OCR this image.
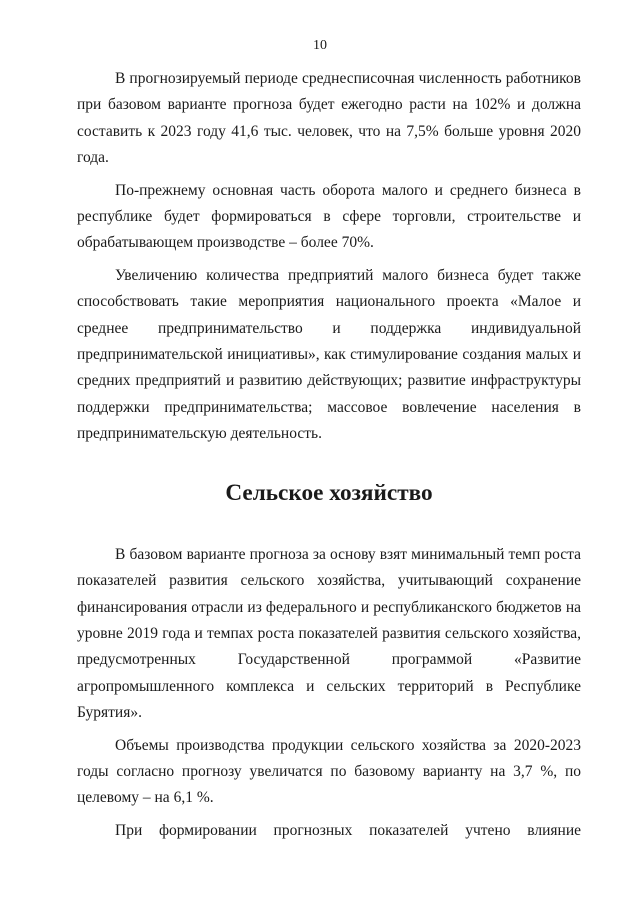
10

В прогнозируемый периоде среднесписочная численность работников при базовом варианте прогноза будет ежегодно расти на 102% и должна составить к 2023 году 41,6 тыс. человек, что на 7,5% больше уровня 2020 года.

По-прежнему основная часть оборота малого и среднего бизнеса в республике будет формироваться в сфере торговли, строительстве и обрабатывающем производстве – более 70%.

Увеличению количества предприятий малого бизнеса будет также способствовать такие мероприятия национального проекта «Малое и среднее предпринимательство и поддержка индивидуальной предпринимательской инициативы», как стимулирование создания малых и средних предприятий и развитию действующих; развитие инфраструктуры поддержки предпринимательства; массовое вовлечение населения в предпринимательскую деятельность.

Сельское хозяйство

В базовом варианте прогноза за основу взят минимальный темп роста показателей развития сельского хозяйства, учитывающий сохранение финансирования отрасли из федерального и республиканского бюджетов на уровне 2019 года и темпах роста показателей развития сельского хозяйства, предусмотренных Государственной программой «Развитие агропромышленного комплекса и сельских территорий в Республике Бурятия».

Объемы производства продукции сельского хозяйства за 2020-2023 годы согласно прогнозу увеличатся по базовому варианту на 3,7 %, по целевому – на 6,1 %.

При формировании прогнозных показателей учтено влияние
